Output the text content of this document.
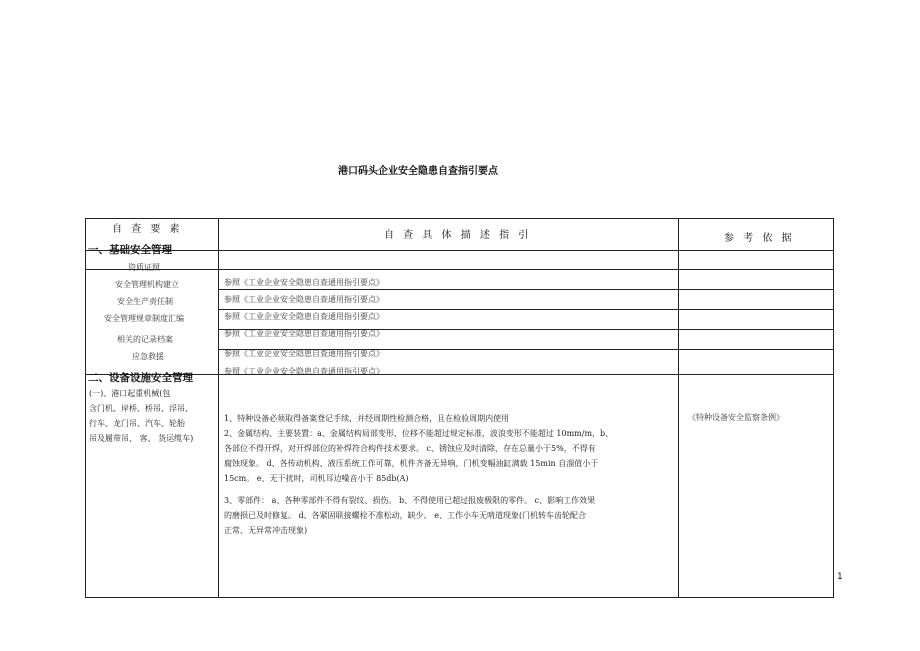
港口码头企业安全隐患自查指引要点
自 查 要 素
自 查 具 体 描 述 指 引	参 考 依 据
一、基础安全管理
二、设备设施安全管理
资质证照
安全管理机构建立
安全生产责任制
安全管理规章制度汇编
相关的记录档案
应急救援
参照《工业企业安全隐患自查通用指引要点》
参照《工业企业安全隐患自查通用指引要点》
参照《工业企业安全隐患自查通用指引要点》
参照《工业企业安全隐患自查通用指引要点》
参照《工业企业安全隐患自查通用指引要点》
参照《工业企业安全隐患自查通用指引要点》
(一)、港口起重机械(包
含门机、岸桥、桥吊、浮吊、
行车、龙门吊、汽车、轮胎
吊及履带吊、 客、 货运缆车)
1、特种设备必须取得备案登记手续，并经周期性检测合格，且在检验周期内使用
2、金属结构、主要装置：a、金属结构局部变形、位移不能超过规定标准，波浪变形不能超过 10mm/m，b、
各部位不得开焊，对开焊部位的补焊符合构件技术要求。 c、锈蚀应及时清除，存在总量小于5%，不得有
腐蚀现象。 d、各传动机构、液压系统工作可靠，机件齐备无异响，门机变幅油缸满载 15min 自溜值小于
15cm。 e、无干扰时，司机耳边噪音小于 85db(A)
3、零部件： a、各种零部件不得有裂纹、损伤。 b、不得使用已超过报废极限的零件。 c、影响工作效果
的磨损已及时修复。 d、各紧固联接螺栓不准松动，缺少。 e、工作小车无啃道现象(门机转车齿轮配合
正常、无异常冲击现象)
《特种设备安全监察条例》
1
